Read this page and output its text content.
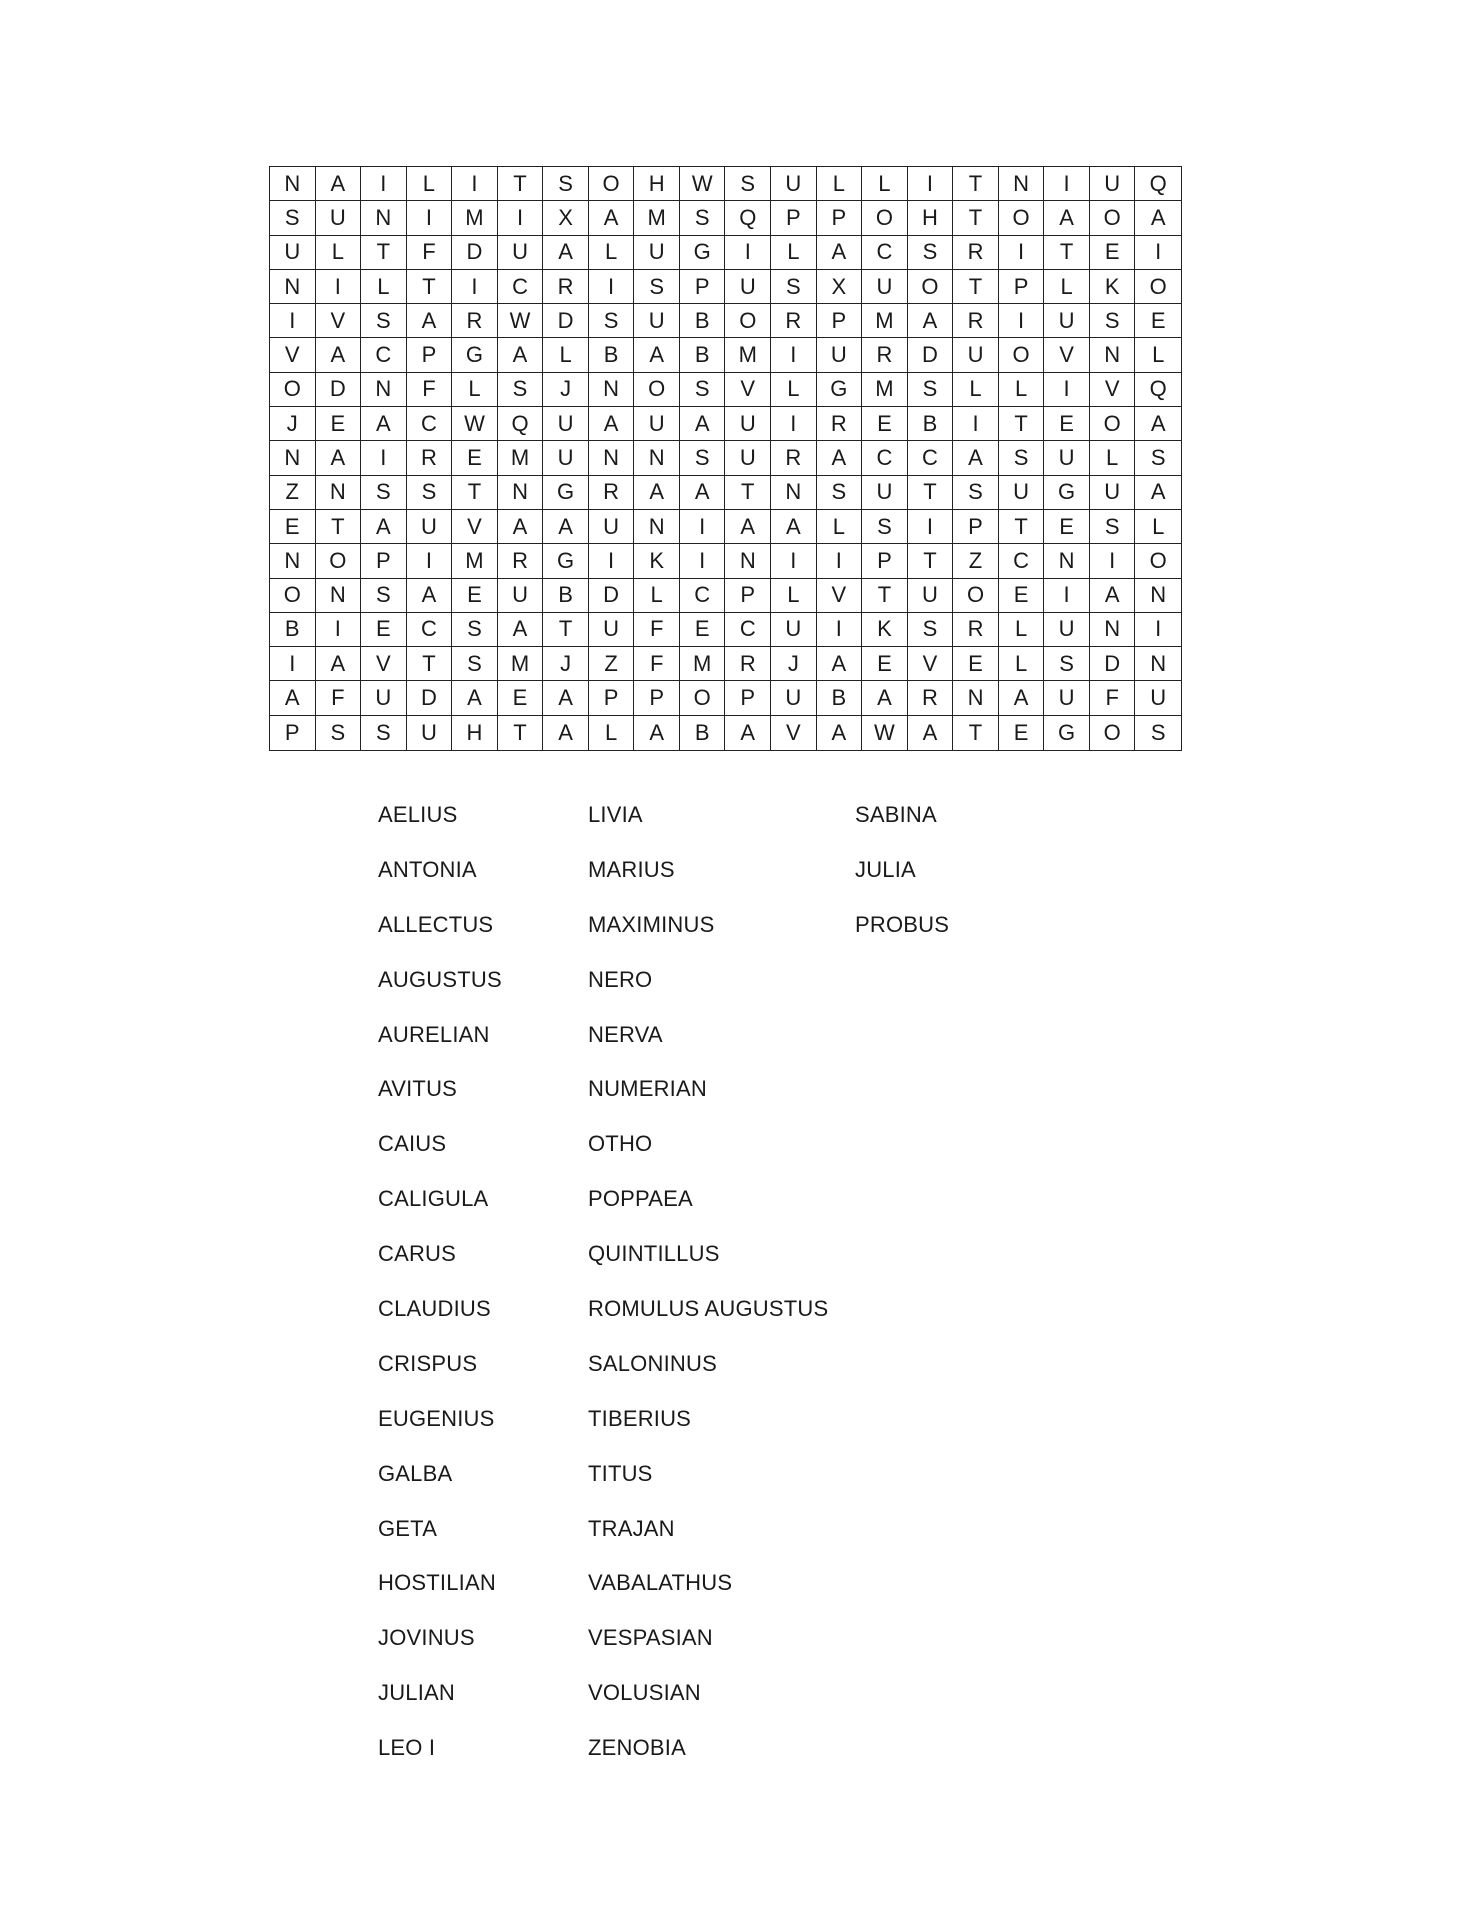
N	A	I	L	I	T	S	O	H	W	S	U	L	L	I	T	N	I	U	Q
S	U	N	I	M	I	X	A	M	S	Q	P	P	O	H	T	O	A	O	A
U	L	T	F	D	U	A	L	U	G	I	L	A	C	S	R	I	T	E	I
N	I	L	T	I	C	R	I	S	P	U	S	X	U	O	T	P	L	K	O
I	V	S	A	R	W	D	S	U	B	O	R	P	M	A	R	I	U	S	E
V	A	C	P	G	A	L	B	A	B	M	I	U	R	D	U	O	V	N	L
O	D	N	F	L	S	J	N	O	S	V	L	G	M	S	L	L	I	V	Q
J	E	A	C	W	Q	U	A	U	A	U	I	R	E	B	I	T	E	O	A
N	A	I	R	E	M	U	N	N	S	U	R	A	C	C	A	S	U	L	S
Z	N	S	S	T	N	G	R	A	A	T	N	S	U	T	S	U	G	U	A
E	T	A	U	V	A	A	U	N	I	A	A	L	S	I	P	T	E	S	L
N	O	P	I	M	R	G	I	K	I	N	I	I	P	T	Z	C	N	I	O
O	N	S	A	E	U	B	D	L	C	P	L	V	T	U	O	E	I	A	N
B	I	E	C	S	A	T	U	F	E	C	U	I	K	S	R	L	U	N	I
I	A	V	T	S	M	J	Z	F	M	R	J	A	E	V	E	L	S	D	N
A	F	U	D	A	E	A	P	P	O	P	U	B	A	R	N	A	U	F	U
P	S	S	U	H	T	A	L	A	B	A	V	A	W	A	T	E	G	O	S
AELIUS
ANTONIA
ALLECTUS
AUGUSTUS
AURELIAN
AVITUS
CAIUS
CALIGULA
CARUS
CLAUDIUS
CRISPUS
EUGENIUS
GALBA
GETA
HOSTILIAN
JOVINUS
JULIAN
LEO I
LIVIA
MARIUS
MAXIMINUS
NERO
NERVA
NUMERIAN
OTHO
POPPAEA
QUINTILLUS
ROMULUS AUGUSTUS
SALONINUS
TIBERIUS
TITUS
TRAJAN
VABALATHUS
VESPASIAN
VOLUSIAN
ZENOBIA
SABINA
JULIA
PROBUS
